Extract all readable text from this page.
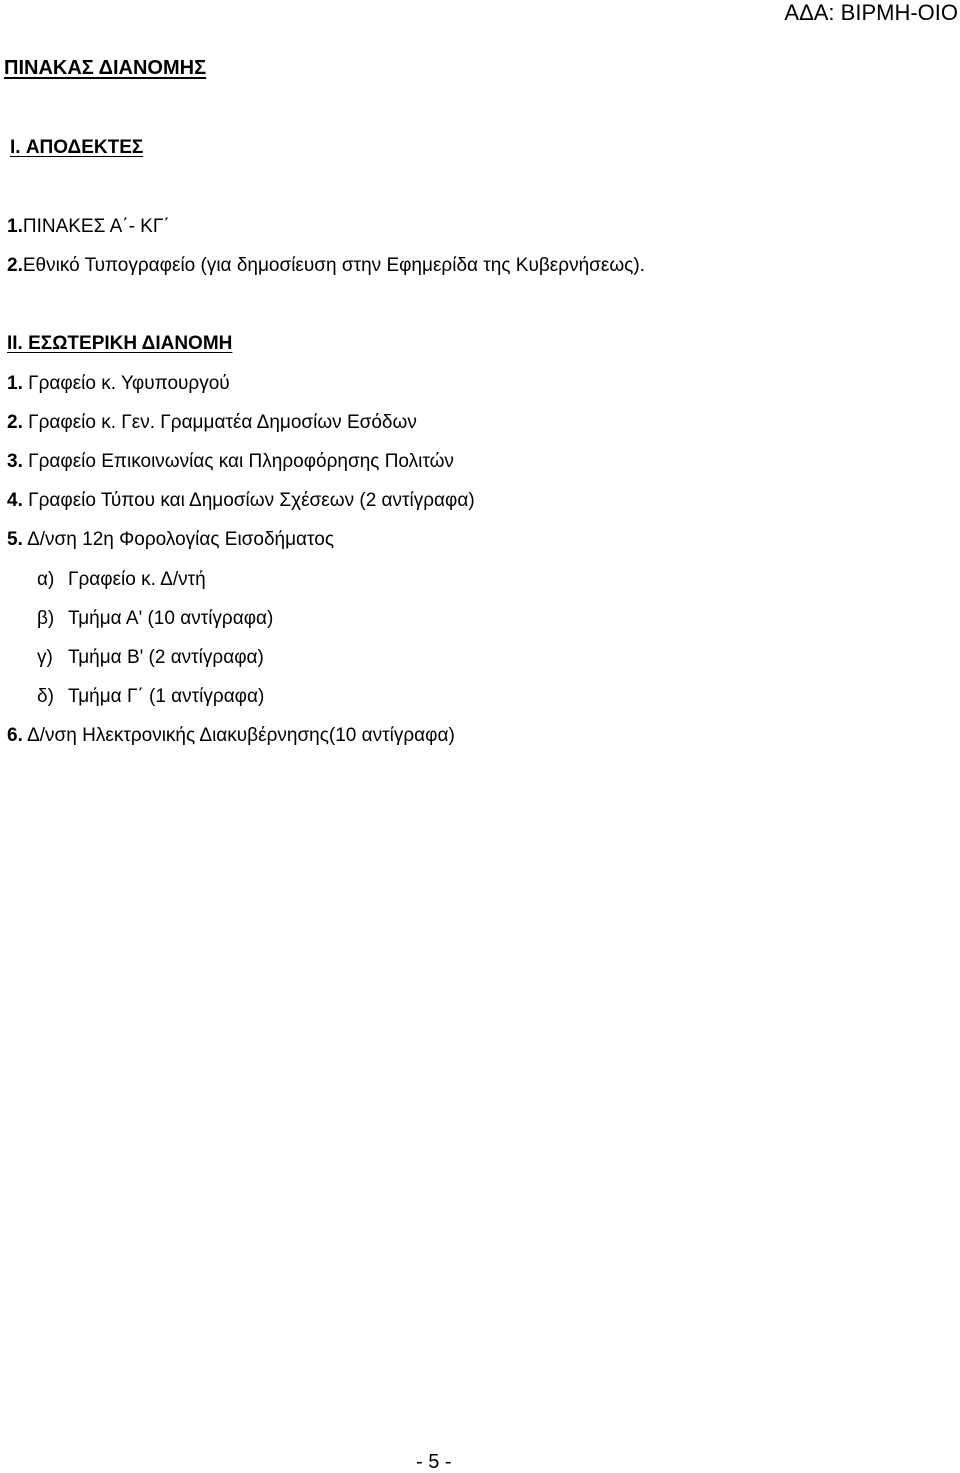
ΑΔΑ: ΒΙΡΜΗ-ΟΙΟ
ΠΙΝΑΚΑΣ ΔΙΑΝΟΜΗΣ
I. ΑΠΟΔΕΚΤΕΣ
1.ΠΙΝΑΚΕΣ Α΄- ΚΓ΄
2.Εθνικό Τυπογραφείο (για δημοσίευση στην Εφημερίδα της Κυβερνήσεως).
II. ΕΣΩΤΕΡΙΚΗ ΔΙΑΝΟΜΗ
1. Γραφείο κ. Υφυπουργού
2. Γραφείο κ. Γεν. Γραμματέα Δημοσίων Εσόδων
3. Γραφείο Επικοινωνίας και Πληροφόρησης Πολιτών
4. Γραφείο Τύπου και Δημοσίων Σχέσεων (2 αντίγραφα)
5. Δ/νση 12η Φορολογίας Εισοδήματος
α) Γραφείο κ. Δ/ντή
β) Τμήμα Α' (10 αντίγραφα)
γ) Τμήμα Β' (2 αντίγραφα)
δ) Τμήμα Γ΄ (1 αντίγραφα)
6. Δ/νση Ηλεκτρονικής Διακυβέρνησης(10 αντίγραφα)
- 5 -
